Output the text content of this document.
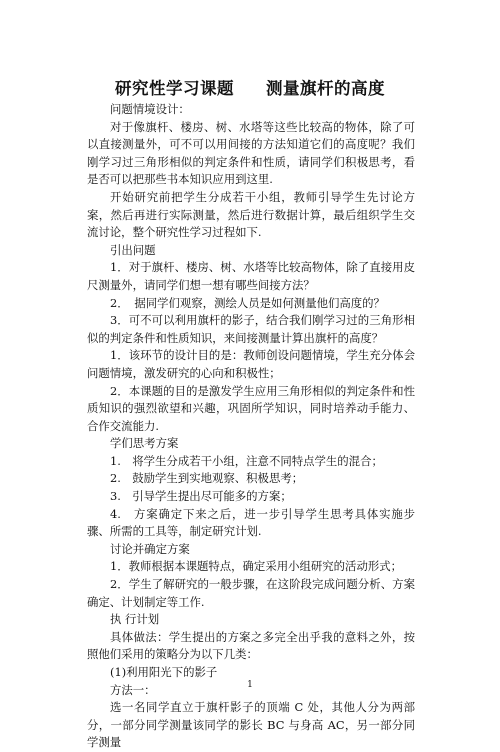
研究性学习课题 测量旗杆的高度

问题情境设计：

对于像旗杆、楼房、树、水塔等这些比较高的物体，除了可以直接测量外，可不可以用间接的方法知道它们的高度呢？我们刚学习过三角形相似的判定条件和性质，请同学们积极思考，看是否可以把那些书本知识应用到这里.

开始研究前把学生分成若干小组，教师引导学生先讨论方案，然后再进行实际测量，然后进行数据计算，最后组织学生交流讨论，整个研究性学习过程如下.

引出问题

1．对于旗杆、楼房、树、水塔等比较高物体，除了直接用皮尺测量外，请同学们想一想有哪些间接方法？

2．　据同学们观察，测绘人员是如何测量他们高度的？

3．可不可以利用旗杆的影子，结合我们刚学习过的三角形相似的判定条件和性质知识，来间接测量计算出旗杆的高度？

1．该环节的设计目的是：教师创设问题情境，学生充分体会问题情境，激发研究的心向和积极性；

2．本课题的目的是激发学生应用三角形相似的判定条件和性质知识的强烈欲望和兴趣，巩固所学知识，同时培养动手能力、合作交流能力.

学们思考方案

1.　将学生分成若干小组，注意不同特点学生的混合；

2.　鼓励学生到实地观察、积极思考；

3.　引导学生提出尽可能多的方案；

4.　方案确定下来之后，进一步引导学生思考具体实施步骤、所需的工具等，制定研究计划.

讨论并确定方案

1．教师根据本课题特点，确定采用小组研究的活动形式；

2．学生了解研究的一般步骤，在这阶段完成问题分析、方案确定、计划制定等工作.

执 行计划

具体做法：学生提出的方案之多完全出乎我的意料之外，按照他们采用的策略分为以下几类：

(1)利用阳光下的影子

方法一：

选一名同学直立于旗杆影子的顶端 C 处，其他人分为两部分，一部分同学测量该同学的影长 BC 与身高 AC，另一部分同学测量

1
